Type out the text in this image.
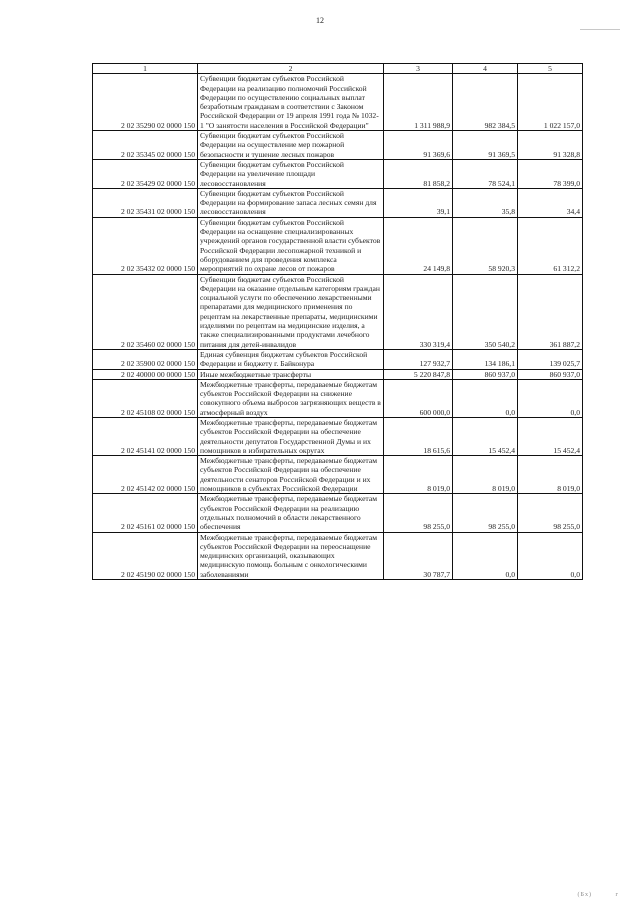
12
1	2	3	4	5
2 02 35290 02 0000 150	Субвенции бюджетам субъектов Российской Федерации на реализацию полномочий Российской Федерации по осуществлению социальных выплат безработным гражданам в соответствии с Законом Российской Федерации от 19 апреля 1991 года № 1032-1 "О занятости населения в Российской Федерации"	1 311 988,9	982 384,5	1 022 157,0
2 02 35345 02 0000 150	Субвенции бюджетам субъектов Российской Федерации на осуществление мер пожарной безопасности и тушение лесных пожаров	91 369,6	91 369,5	91 328,8
2 02 35429 02 0000 150	Субвенции бюджетам субъектов Российской Федерации на увеличение площади лесовосстановления	81 858,2	78 524,1	78 399,0
2 02 35431 02 0000 150	Субвенции бюджетам субъектов Российской Федерации на формирование запаса лесных семян для лесовосстановления	39,1	35,8	34,4
2 02 35432 02 0000 150	Субвенции бюджетам субъектов Российской Федерации на оснащение специализированных учреждений органов государственной власти субъектов Российской Федерации лесопожарной техникой и оборудованием для проведения комплекса мероприятий по охране лесов от пожаров	24 149,8	58 920,3	61 312,2
2 02 35460 02 0000 150	Субвенции бюджетам субъектов Российской Федерации на оказание отдельным категориям граждан социальной услуги по обеспечению лекарственными препаратами для медицинского применения по рецептам на лекарственные препараты, медицинскими изделиями по рецептам на медицинские изделия, а также специализированными продуктами лечебного питания для детей-инвалидов	330 319,4	350 540,2	361 887,2
2 02 35900 02 0000 150	Единая субвенция бюджетам субъектов Российской Федерации и бюджету г. Байконура	127 932,7	134 186,1	139 025,7
2 02 40000 00 0000 150	Иные межбюджетные трансферты	5 220 847,8	860 937,0	860 937,0
2 02 45108 02 0000 150	Межбюджетные трансферты, передаваемые бюджетам субъектов Российской Федерации на снижение совокупного объема выбросов загрязняющих веществ в атмосферный воздух	600 000,0	0,0	0,0
2 02 45141 02 0000 150	Межбюджетные трансферты, передаваемые бюджетам субъектов Российской Федерации на обеспечение деятельности депутатов Государственной Думы и их помощников в избирательных округах	18 615,6	15 452,4	15 452,4
2 02 45142 02 0000 150	Межбюджетные трансферты, передаваемые бюджетам субъектов Российской Федерации на обеспечение деятельности сенаторов Российской Федерации и их помощников в субъектах Российской Федерации	8 019,0	8 019,0	8 019,0
2 02 45161 02 0000 150	Межбюджетные трансферты, передаваемые бюджетам субъектов Российской Федерации на реализацию отдельных полномочий в области лекарственного обеспечения	98 255,0	98 255,0	98 255,0
2 02 45190 02 0000 150	Межбюджетные трансферты, передаваемые бюджетам субъектов Российской Федерации на переоснащение медицинских организаций, оказывающих медицинскую помощь больным с онкологическими заболеваниями	30 787,7	0,0	0,0
(Бх)	г
